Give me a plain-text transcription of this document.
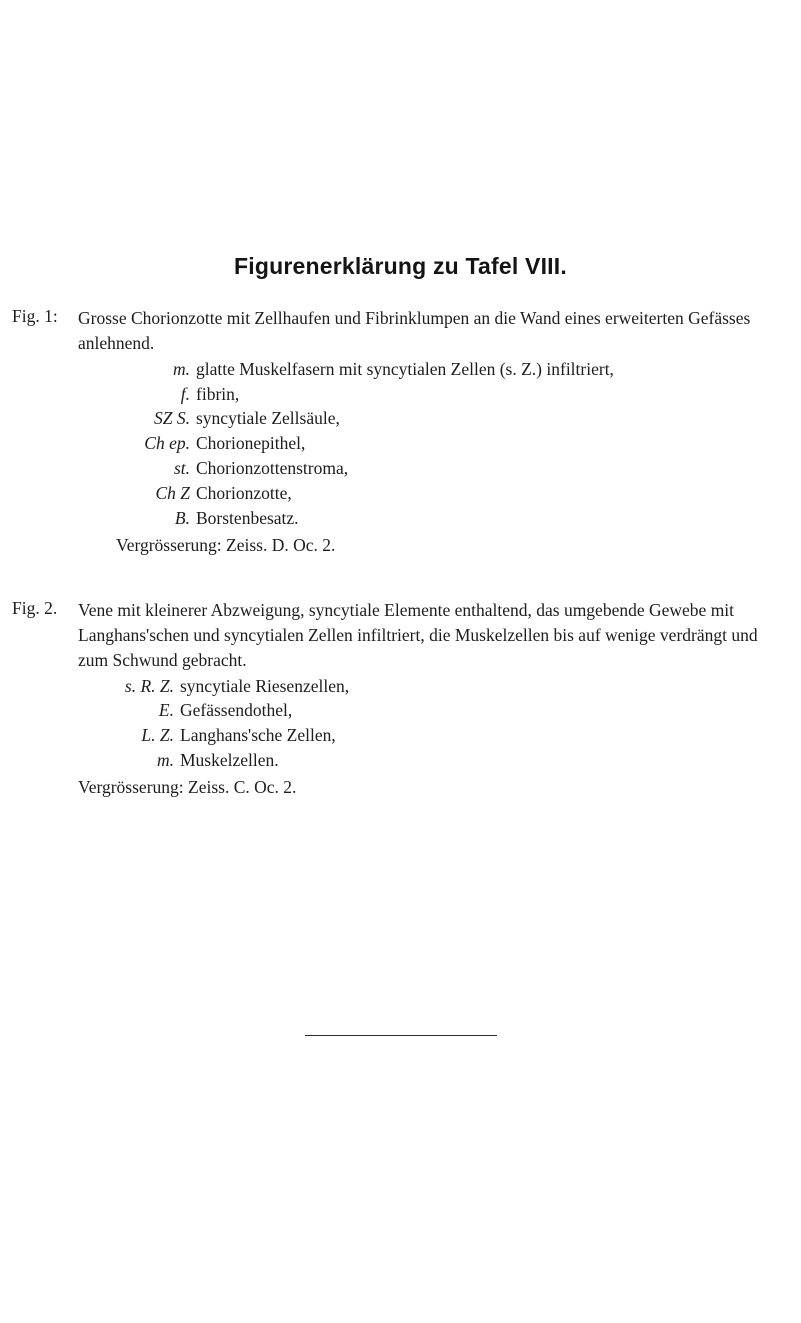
Figurenerklärung zu Tafel VIII.
Fig. 1:	Grosse Chorionzotte mit Zellhaufen und Fibrinklumpen an die Wand eines erweiterten Gefässes anlehnend.

m. glatte Muskelfasern mit syncytialen Zellen (s. Z.) infiltriert,
f. fibrin,
SZ S. syncytiale Zellsäule,
Ch ep. Chorionepithel,
st. Chorionzottenstroma,
Ch Z Chorionzotte,
B. Borstenbesatz.
Vergrösserung: Zeiss. D. Oc. 2.
Fig. 2.	Vene mit kleinerer Abzweigung, syncytiale Elemente enthaltend, das umgebende Gewebe mit Langhans'schen und syncytialen Zellen infiltriert, die Muskelzellen bis auf wenige verdrängt und zum Schwund gebracht.

s. R. Z. syncytiale Riesenzellen,
E. Gefässendothel,
L. Z. Langhans'sche Zellen,
m. Muskelzellen.
Vergrösserung: Zeiss. C. Oc. 2.
